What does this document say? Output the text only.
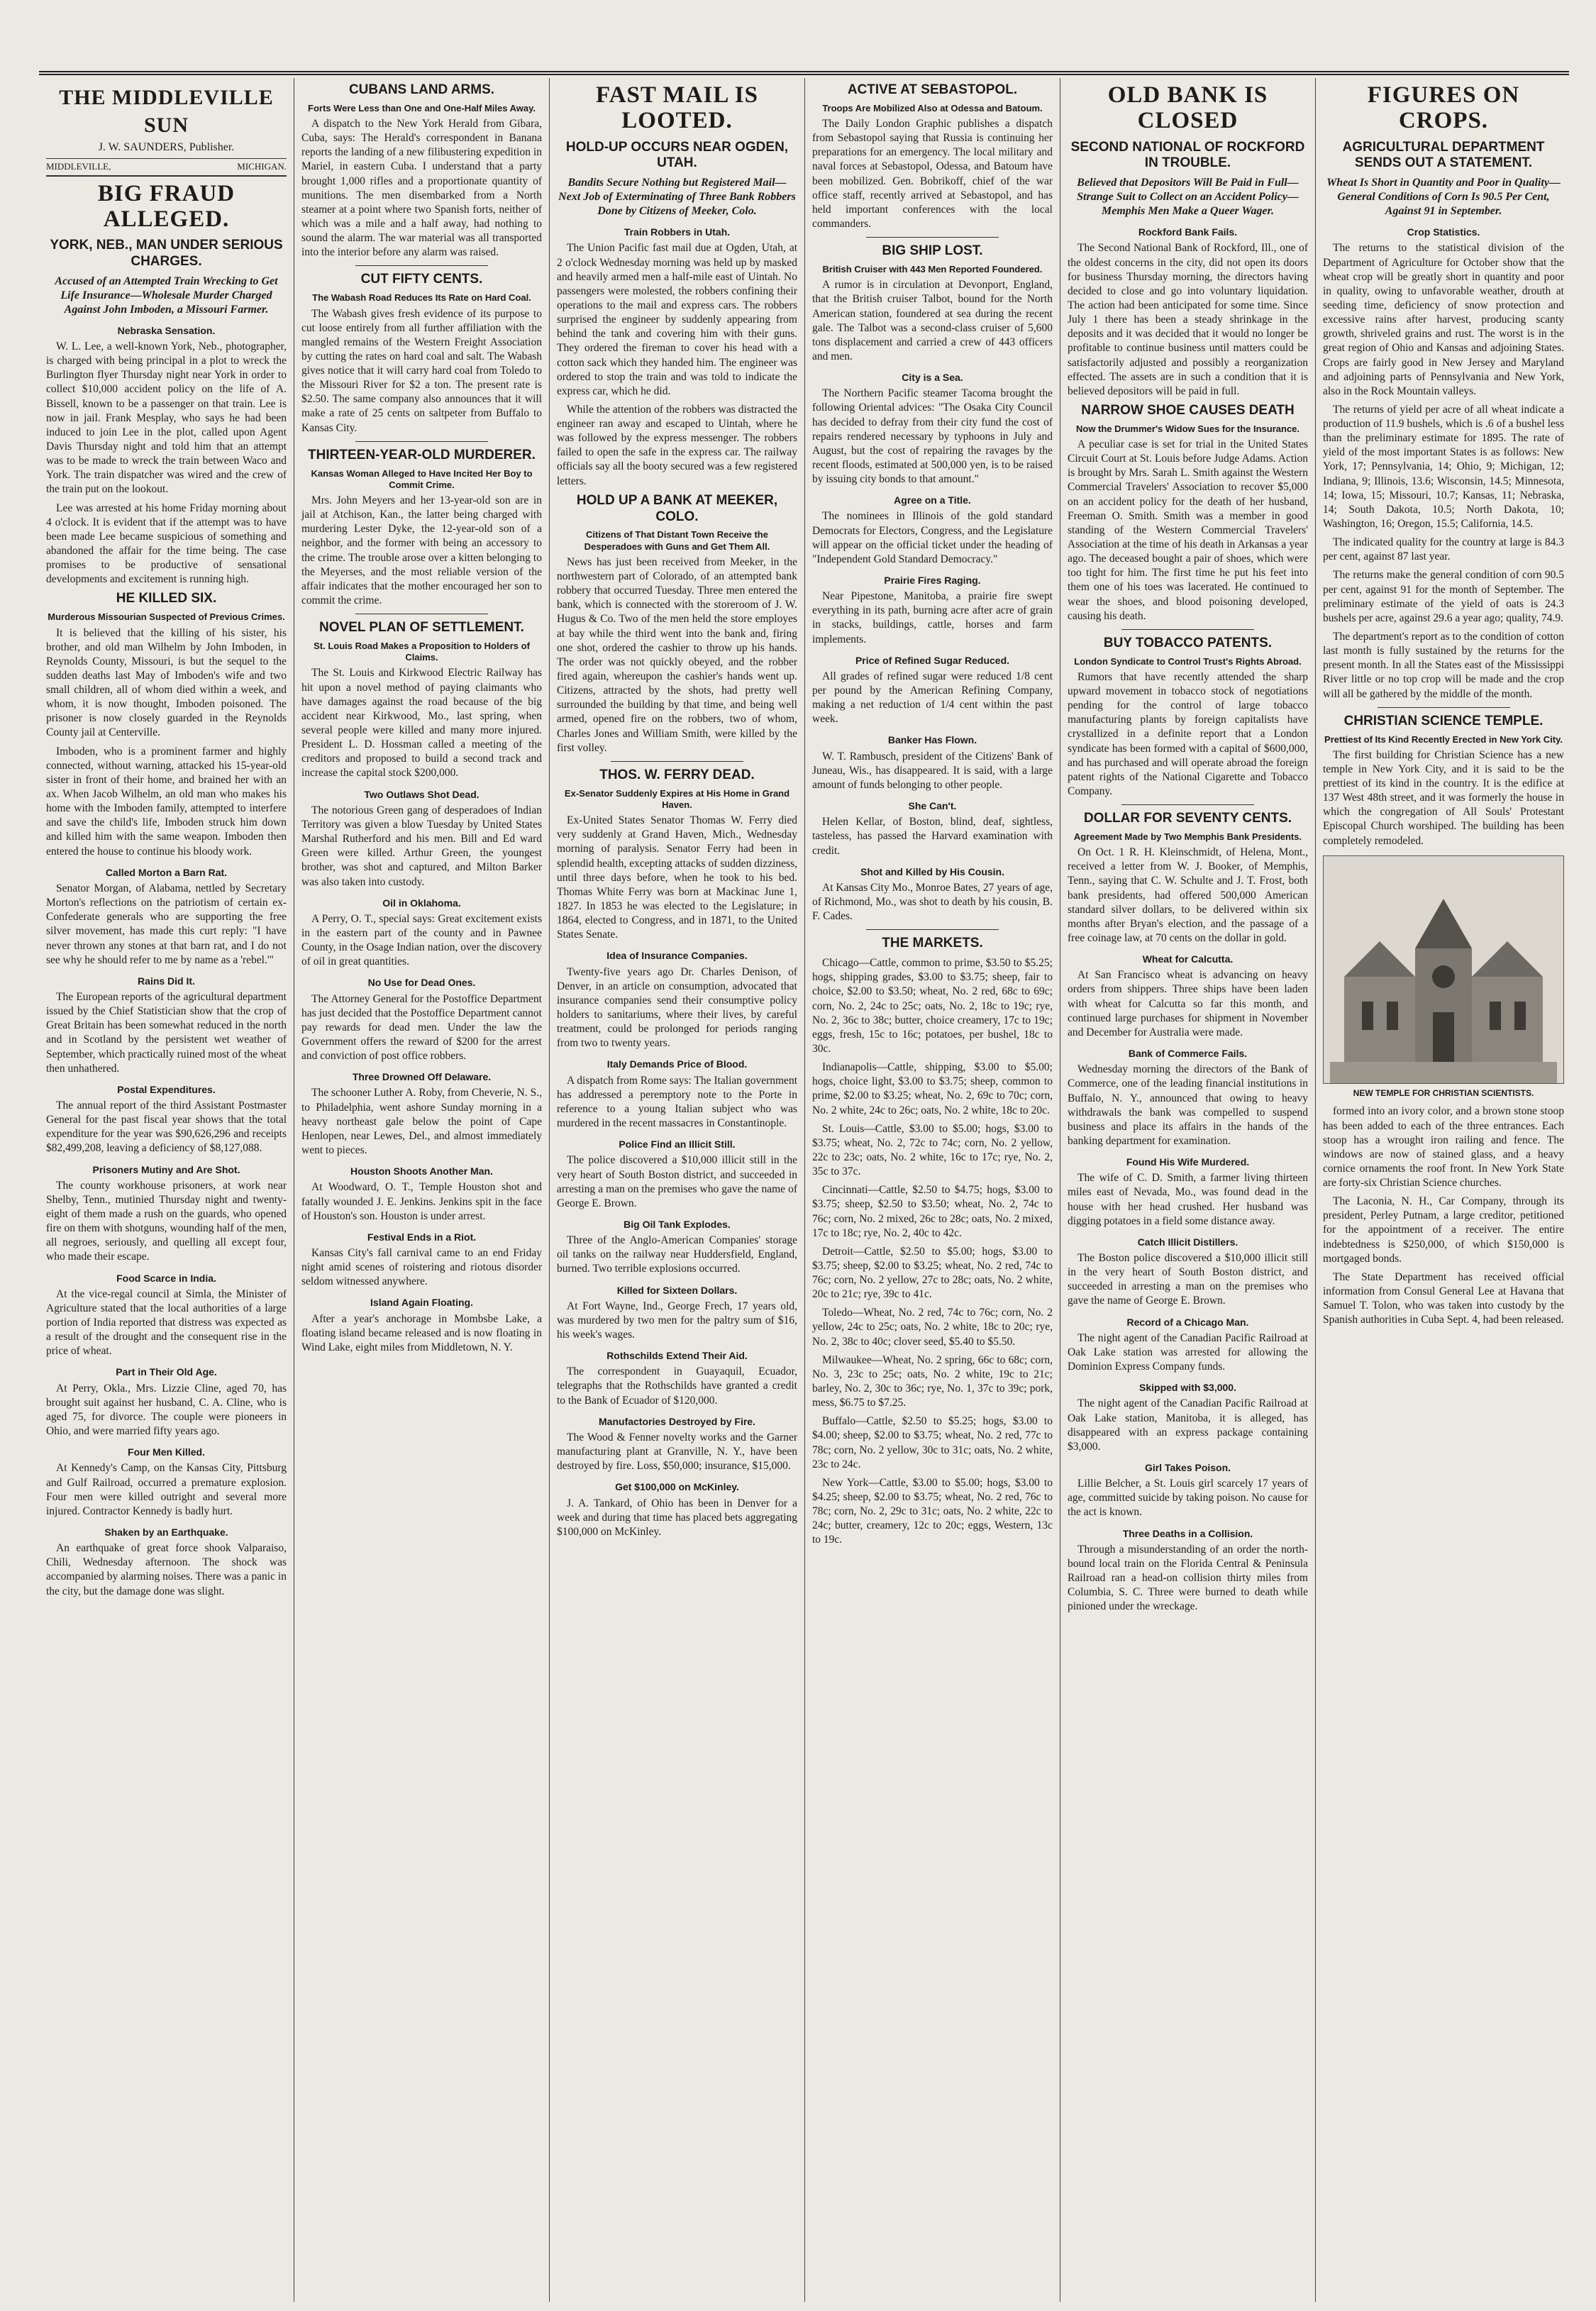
THE MIDDLEVILLE SUN
J. W. SAUNDERS, Publisher.
MIDDLEVILLE,	MICHIGAN.
BIG FRAUD ALLEGED.
YORK, NEB., MAN UNDER SERIOUS CHARGES.
Accused of an Attempted Train Wrecking to Get Life Insurance—Wholesale Murder Charged Against John Imboden, a Missouri Farmer.
Nebraska Sensation.

W. L. Lee, a well-known York, Neb., photographer, is charged with being principal in a plot to wreck the Burlington flyer Thursday night near York in order to collect $10,000 accident policy on the life of A. Bissell, known to be a passenger on that train. Lee is now in jail. Frank Mesplay, who says he had been induced to join Lee in the plot, called upon Agent Davis Thursday night and told him that an attempt was to be made to wreck the train between Waco and York. The train dispatcher was wired and the crew of the train put on the lookout.

Lee was arrested at his home Friday morning about 4 o'clock. It is evident that if the attempt was to have been made Lee became suspicious of something and abandoned the affair for the time being. The case promises to be productive of sensational developments and excitement is running high.

HE KILLED SIX.
Murderous Missourian Suspected of Previous Crimes.

It is believed that the killing of his sister, his brother, and old man Wilhelm by John Imboden, in Reynolds County, Missouri, is but the sequel to the sudden deaths last May of Imboden's wife and two small children, all of whom died within a week, and whom, it is now thought, Imboden poisoned. The prisoner is now closely guarded in the Reynolds County jail at Centerville.

Imboden, who is a prominent farmer and highly connected, without warning, attacked his 15-year-old sister in front of their home, and brained her with an ax. When Jacob Wilhelm, an old man who makes his home with the Imboden family, attempted to interfere and save the child's life, Imboden struck him down and killed him with the same weapon. Imboden then entered the house to continue his bloody work.

Called Morton a Barn Rat.

Senator Morgan, of Alabama, nettled by Secretary Morton's reflections on the patriotism of certain ex-Confederate generals who are supporting the free silver movement, has made this curt reply: "I have never thrown any stones at that barn rat, and I do not see why he should refer to me by name as a 'rebel.'"

Rains Did It.

The European reports of the agricultural department issued by the Chief Statistician show that the crop of Great Britain has been somewhat reduced in the north and in Scotland by the persistent wet weather of September, which practically ruined most of the wheat then unhathered.

Postal Expenditures.

The annual report of the third Assistant Postmaster General for the past fiscal year shows that the total expenditure for the year was $90,626,296 and receipts $82,499,208, leaving a deficiency of $8,127,088.

Prisoners Mutiny and Are Shot.

The county workhouse prisoners, at work near Shelby, Tenn., mutinied Thursday night and twenty-eight of them made a rush on the guards, who opened fire on them with shotguns, wounding half of the men, all negroes, seriously, and quelling all except four, who made their escape.

Food Scarce in India.

At the vice-regal council at Simla, the Minister of Agriculture stated that the local authorities of a large portion of India reported that distress was expected as a result of the drought and the consequent rise in the price of wheat.

Part in Their Old Age.

At Perry, Okla., Mrs. Lizzie Cline, aged 70, has brought suit against her husband, C. A. Cline, who is aged 75, for divorce. The couple were pioneers in Ohio, and were married fifty years ago.

Four Men Killed.

At Kennedy's Camp, on the Kansas City, Pittsburg and Gulf Railroad, occurred a premature explosion. Four men were killed outright and several more injured. Contractor Kennedy is badly hurt.

Shaken by an Earthquake.

An earthquake of great force shook Valparaiso, Chili, Wednesday afternoon. The shock was accompanied by alarming noises. There was a panic in the city, but the damage done was slight.

CUBANS LAND ARMS.
Forts Were Less than One and One-Half Miles Away.

A dispatch to the New York Herald from Gibara, Cuba, says: The Herald's correspondent in Banana reports the landing of a new filibustering expedition in Mariel, in eastern Cuba. I understand that a party brought 1,000 rifles and a proportionate quantity of munitions. The men disembarked from a North steamer at a point where two Spanish forts, neither of which was a mile and a half away, had nothing to sound the alarm. The war material was all transported into the interior before any alarm was raised.

CUT FIFTY CENTS.
The Wabash Road Reduces Its Rate on Hard Coal.

The Wabash gives fresh evidence of its purpose to cut loose entirely from all further affiliation with the mangled remains of the Western Freight Association by cutting the rates on hard coal and salt. The Wabash gives notice that it will carry hard coal from Toledo to the Missouri River for $2 a ton. The present rate is $2.50. The same company also announces that it will make a rate of 25 cents on saltpeter from Buffalo to Kansas City.

THIRTEEN-YEAR-OLD MURDERER.
Kansas Woman Alleged to Have Incited Her Boy to Commit Crime.

Mrs. John Meyers and her 13-year-old son are in jail at Atchison, Kan., the latter being charged with murdering Lester Dyke, the 12-year-old son of a neighbor, and the former with being an accessory to the crime. The trouble arose over a kitten belonging to the Meyerses, and the most reliable version of the affair indicates that the mother encouraged her son to commit the crime.

NOVEL PLAN OF SETTLEMENT.
St. Louis Road Makes a Proposition to Holders of Claims.

The St. Louis and Kirkwood Electric Railway has hit upon a novel method of paying claimants who have damages against the road because of the big accident near Kirkwood, Mo., last spring, when several people were killed and many more injured. President L. D. Hossman called a meeting of the creditors and proposed to build a second track and increase the capital stock $200,000.

Two Outlaws Shot Dead.

The notorious Green gang of desperadoes of Indian Territory was given a blow Tuesday by United States Marshal Rutherford and his men. Bill and Ed ward Green were killed. Arthur Green, the youngest brother, was shot and captured, and Milton Barker was also taken into custody.

Oil in Oklahoma.

A Perry, O. T., special says: Great excitement exists in the eastern part of the county and in Pawnee County, in the Osage Indian nation, over the discovery of oil in great quantities.

No Use for Dead Ones.

The Attorney General for the Postoffice Department has just decided that the Postoffice Department cannot pay rewards for dead men. Under the law the Government offers the reward of $200 for the arrest and conviction of post office robbers.

Three Drowned Off Delaware.

The schooner Luther A. Roby, from Cheverie, N. S., to Philadelphia, went ashore Sunday morning in a heavy northeast gale below the point of Cape Henlopen, near Lewes, Del., and almost immediately went to pieces.

Houston Shoots Another Man.

At Woodward, O. T., Temple Houston shot and fatally wounded J. E. Jenkins. Jenkins spit in the face of Houston's son. Houston is under arrest.

Festival Ends in a Riot.

Kansas City's fall carnival came to an end Friday night amid scenes of roistering and riotous disorder seldom witnessed anywhere.

Island Again Floating.

After a year's anchorage in Mombsbe Lake, a floating island became released and is now floating in Wind Lake, eight miles from Middletown, N. Y.

FAST MAIL IS LOOTED.
HOLD-UP OCCURS NEAR OGDEN, UTAH.
Bandits Secure Nothing but Registered Mail—Next Job of Exterminating of Three Bank Robbers Done by Citizens of Meeker, Colo.
Train Robbers in Utah.

The Union Pacific fast mail due at Ogden, Utah, at 2 o'clock Wednesday morning was held up by masked and heavily armed men a half-mile east of Uintah. No passengers were molested, the robbers confining their operations to the mail and express cars. The robbers surprised the engineer by suddenly appearing from behind the tank and covering him with their guns. They ordered the fireman to cover his head with a cotton sack which they handed him. The engineer was ordered to stop the train and was told to indicate the express car, which he did.

While the attention of the robbers was distracted the engineer ran away and escaped to Uintah, where he was followed by the express messenger. The robbers failed to open the safe in the express car. The railway officials say all the booty secured was a few registered letters.

HOLD UP A BANK AT MEEKER, COLO.
Citizens of That Distant Town Receive the Desperadoes with Guns and Get Them All.

News has just been received from Meeker, in the northwestern part of Colorado, of an attempted bank robbery that occurred Tuesday. Three men entered the bank, which is connected with the storeroom of J. W. Hugus & Co. Two of the men held the store employes at bay while the third went into the bank and, firing one shot, ordered the cashier to throw up his hands. The order was not quickly obeyed, and the robber fired again, whereupon the cashier's hands went up. Citizens, attracted by the shots, had pretty well surrounded the building by that time, and being well armed, opened fire on the robbers, two of whom, Charles Jones and William Smith, were killed by the first volley.

THOS. W. FERRY DEAD.
Ex-Senator Suddenly Expires at His Home in Grand Haven.

Ex-United States Senator Thomas W. Ferry died very suddenly at Grand Haven, Mich., Wednesday morning of paralysis. Senator Ferry had been in splendid health, excepting attacks of sudden dizziness, until three days before, when he took to his bed. Thomas White Ferry was born at Mackinac June 1, 1827. In 1853 he was elected to the Legislature; in 1864, elected to Congress, and in 1871, to the United States Senate.

Idea of Insurance Companies.

Twenty-five years ago Dr. Charles Denison, of Denver, in an article on consumption, advocated that insurance companies send their consumptive policy holders to sanitariums, where their lives, by careful treatment, could be prolonged for periods ranging from two to twenty years.

Italy Demands Price of Blood.

A dispatch from Rome says: The Italian government has addressed a peremptory note to the Porte in reference to a young Italian subject who was murdered in the recent massacres in Constantinople.

Police Find an Illicit Still.

The police discovered a $10,000 illicit still in the very heart of South Boston district, and succeeded in arresting a man on the premises who gave the name of George E. Brown.

Big Oil Tank Explodes.

Three of the Anglo-American Companies' storage oil tanks on the railway near Huddersfield, England, burned. Two terrible explosions occurred.

Killed for Sixteen Dollars.

At Fort Wayne, Ind., George Frech, 17 years old, was murdered by two men for the paltry sum of $16, his week's wages.

Rothschilds Extend Their Aid.

The correspondent in Guayaquil, Ecuador, telegraphs that the Rothschilds have granted a credit to the Bank of Ecuador of $120,000.

Manufactories Destroyed by Fire.

The Wood & Fenner novelty works and the Garner manufacturing plant at Granville, N. Y., have been destroyed by fire. Loss, $50,000; insurance, $15,000.

Get $100,000 on McKinley.

J. A. Tankard, of Ohio has been in Denver for a week and during that time has placed bets aggregating $100,000 on McKinley.

ACTIVE AT SEBASTOPOL.
Troops Are Mobilized Also at Odessa and Batoum.

The Daily London Graphic publishes a dispatch from Sebastopol saying that Russia is continuing her preparations for an emergency. The local military and naval forces at Sebastopol, Odessa, and Batoum have been mobilized. Gen. Bobrikoff, chief of the war office staff, recently arrived at Sebastopol, and has held important conferences with the local commanders.

BIG SHIP LOST.
British Cruiser with 443 Men Reported Foundered.

A rumor is in circulation at Devonport, England, that the British cruiser Talbot, bound for the North American station, foundered at sea during the recent gale. The Talbot was a second-class cruiser of 5,600 tons displacement and carried a crew of 443 officers and men.

City is a Sea.

The Northern Pacific steamer Tacoma brought the following Oriental advices: "The Osaka City Council has decided to defray from their city fund the cost of repairs rendered necessary by typhoons in July and August, but the cost of repairing the ravages by the recent floods, estimated at 500,000 yen, is to be raised by issuing city bonds to that amount."

Agree on a Title.

The nominees in Illinois of the gold standard Democrats for Electors, Congress, and the Legislature will appear on the official ticket under the heading of "Independent Gold Standard Democracy."

Prairie Fires Raging.

Near Pipestone, Manitoba, a prairie fire swept everything in its path, burning acre after acre of grain in stacks, buildings, cattle, horses and farm implements.

Price of Refined Sugar Reduced.

All grades of refined sugar were reduced 1/8 cent per pound by the American Refining Company, making a net reduction of 1/4 cent within the past week.

Banker Has Flown.

W. T. Rambusch, president of the Citizens' Bank of Juneau, Wis., has disappeared. It is said, with a large amount of funds belonging to other people.

She Can't.

Helen Kellar, of Boston, blind, deaf, sightless, tasteless, has passed the Harvard examination with credit.

Shot and Killed by His Cousin.

At Kansas City Mo., Monroe Bates, 27 years of age, of Richmond, Mo., was shot to death by his cousin, B. F. Cades.

THE MARKETS.

Chicago—Cattle, common to prime, $3.50 to $5.25; hogs, shipping grades, $3.00 to $3.75; sheep, fair to choice, $2.00 to $3.50; wheat, No. 2 red, 68c to 69c; corn, No. 2, 24c to 25c; oats, No. 2, 18c to 19c; rye, No. 2, 36c to 38c; butter, choice creamery, 17c to 19c; eggs, fresh, 15c to 16c; potatoes, per bushel, 18c to 30c.

Indianapolis—Cattle, shipping, $3.00 to $5.00; hogs, choice light, $3.00 to $3.75; sheep, common to prime, $2.00 to $3.25; wheat, No. 2, 69c to 70c; corn, No. 2 white, 24c to 26c; oats, No. 2 white, 18c to 20c.

St. Louis—Cattle, $3.00 to $5.00; hogs, $3.00 to $3.75; wheat, No. 2, 72c to 74c; corn, No. 2 yellow, 22c to 23c; oats, No. 2 white, 16c to 17c; rye, No. 2, 35c to 37c.

Cincinnati—Cattle, $2.50 to $4.75; hogs, $3.00 to $3.75; sheep, $2.50 to $3.50; wheat, No. 2, 74c to 76c; corn, No. 2 mixed, 26c to 28c; oats, No. 2 mixed, 17c to 18c; rye, No. 2, 40c to 42c.

Detroit—Cattle, $2.50 to $5.00; hogs, $3.00 to $3.75; sheep, $2.00 to $3.25; wheat, No. 2 red, 74c to 76c; corn, No. 2 yellow, 27c to 28c; oats, No. 2 white, 20c to 21c; rye, 39c to 41c.

Toledo—Wheat, No. 2 red, 74c to 76c; corn, No. 2 yellow, 24c to 25c; oats, No. 2 white, 18c to 20c; rye, No. 2, 38c to 40c; clover seed, $5.40 to $5.50.

Milwaukee—Wheat, No. 2 spring, 66c to 68c; corn, No. 3, 23c to 25c; oats, No. 2 white, 19c to 21c; barley, No. 2, 30c to 36c; rye, No. 1, 37c to 39c; pork, mess, $6.75 to $7.25.

Buffalo—Cattle, $2.50 to $5.25; hogs, $3.00 to $4.00; sheep, $2.00 to $3.75; wheat, No. 2 red, 77c to 78c; corn, No. 2 yellow, 30c to 31c; oats, No. 2 white, 23c to 24c.

New York—Cattle, $3.00 to $5.00; hogs, $3.00 to $4.25; sheep, $2.00 to $3.75; wheat, No. 2 red, 76c to 78c; corn, No. 2, 29c to 31c; oats, No. 2 white, 22c to 24c; butter, creamery, 12c to 20c; eggs, Western, 13c to 19c.

OLD BANK IS CLOSED
SECOND NATIONAL OF ROCKFORD IN TROUBLE.
Believed that Depositors Will Be Paid in Full—Strange Suit to Collect on an Accident Policy—Memphis Men Make a Queer Wager.
Rockford Bank Fails.

The Second National Bank of Rockford, Ill., one of the oldest concerns in the city, did not open its doors for business Thursday morning, the directors having decided to close and go into voluntary liquidation. The action had been anticipated for some time. Since July 1 there has been a steady shrinkage in the deposits and it was decided that it would no longer be profitable to continue business until matters could be satisfactorily adjusted and possibly a reorganization effected. The assets are in such a condition that it is believed depositors will be paid in full.

NARROW SHOE CAUSES DEATH
Now the Drummer's Widow Sues for the Insurance.

A peculiar case is set for trial in the United States Circuit Court at St. Louis before Judge Adams. Action is brought by Mrs. Sarah L. Smith against the Western Commercial Travelers' Association to recover $5,000 on an accident policy for the death of her husband, Freeman O. Smith. Smith was a member in good standing of the Western Commercial Travelers' Association at the time of his death in Arkansas a year ago. The deceased bought a pair of shoes, which were too tight for him. The first time he put his feet into them one of his toes was lacerated. He continued to wear the shoes, and blood poisoning developed, causing his death.

BUY TOBACCO PATENTS.
London Syndicate to Control Trust's Rights Abroad.

Rumors that have recently attended the sharp upward movement in tobacco stock of negotiations pending for the control of large tobacco manufacturing plants by foreign capitalists have crystallized in a definite report that a London syndicate has been formed with a capital of $600,000, and has purchased and will operate abroad the foreign patent rights of the National Cigarette and Tobacco Company.

DOLLAR FOR SEVENTY CENTS.
Agreement Made by Two Memphis Bank Presidents.

On Oct. 1 R. H. Kleinschmidt, of Helena, Mont., received a letter from W. J. Booker, of Memphis, Tenn., saying that C. W. Schulte and J. T. Frost, both bank presidents, had offered 500,000 American standard silver dollars, to be delivered within six months after Bryan's election, and the passage of a free coinage law, at 70 cents on the dollar in gold.

Wheat for Calcutta.

At San Francisco wheat is advancing on heavy orders from shippers. Three ships have been laden with wheat for Calcutta so far this month, and continued large purchases for shipment in November and December for Australia were made.

Bank of Commerce Fails.

Wednesday morning the directors of the Bank of Commerce, one of the leading financial institutions in Buffalo, N. Y., announced that owing to heavy withdrawals the bank was compelled to suspend business and place its affairs in the hands of the banking department for examination.

Found His Wife Murdered.

The wife of C. D. Smith, a farmer living thirteen miles east of Nevada, Mo., was found dead in the house with her head crushed. Her husband was digging potatoes in a field some distance away.

Catch Illicit Distillers.

The Boston police discovered a $10,000 illicit still in the very heart of South Boston district, and succeeded in arresting a man on the premises who gave the name of George E. Brown.

Record of a Chicago Man.

The night agent of the Canadian Pacific Railroad at Oak Lake station was arrested for allowing the Dominion Express Company funds.

Skipped with $3,000.

The night agent of the Canadian Pacific Railroad at Oak Lake station, Manitoba, it is alleged, has disappeared with an express package containing $3,000.

Girl Takes Poison.

Lillie Belcher, a St. Louis girl scarcely 17 years of age, committed suicide by taking poison. No cause for the act is known.

Three Deaths in a Collision.

Through a misunderstanding of an order the north-bound local train on the Florida Central & Peninsula Railroad ran a head-on collision thirty miles from Columbia, S. C. Three were burned to death while pinioned under the wreckage.

FIGURES ON CROPS.
AGRICULTURAL DEPARTMENT SENDS OUT A STATEMENT.
Wheat Is Short in Quantity and Poor in Quality—General Conditions of Corn Is 90.5 Per Cent, Against 91 in September.
Crop Statistics.

The returns to the statistical division of the Department of Agriculture for October show that the wheat crop will be greatly short in quantity and poor in quality, owing to unfavorable weather, drouth at seeding time, deficiency of snow protection and excessive rains after harvest, producing scanty growth, shriveled grains and rust. The worst is in the great region of Ohio and Kansas and adjoining States. Crops are fairly good in New Jersey and Maryland and adjoining parts of Pennsylvania and New York, also in the Rock Mountain valleys.

The returns of yield per acre of all wheat indicate a production of 11.9 bushels, which is .6 of a bushel less than the preliminary estimate for 1895. The rate of yield of the most important States is as follows: New York, 17; Pennsylvania, 14; Ohio, 9; Michigan, 12; Indiana, 9; Illinois, 13.6; Wisconsin, 14.5; Minnesota, 14; Iowa, 15; Missouri, 10.7; Kansas, 11; Nebraska, 14; South Dakota, 10.5; North Dakota, 10; Washington, 16; Oregon, 15.5; California, 14.5.

The indicated quality for the country at large is 84.3 per cent, against 87 last year.

The returns make the general condition of corn 90.5 per cent, against 91 for the month of September. The preliminary estimate of the yield of oats is 24.3 bushels per acre, against 29.6 a year ago; quality, 74.9.

The department's report as to the condition of cotton last month is fully sustained by the returns for the present month. In all the States east of the Mississippi River little or no top crop will be made and the crop will all be gathered by the middle of the month.

CHRISTIAN SCIENCE TEMPLE.
Prettiest of Its Kind Recently Erected in New York City.

The first building for Christian Science has a new temple in New York City, and it is said to be the prettiest of its kind in the country. It is the edifice at 137 West 48th street, and it was formerly the house in which the congregation of All Souls' Protestant Episcopal Church worshiped. The building has been completely remodeled.

NEW TEMPLE FOR CHRISTIAN SCIENTISTS.

formed into an ivory color, and a brown stone stoop has been added to each of the three entrances. Each stoop has a wrought iron railing and fence. The windows are now of stained glass, and a heavy cornice ornaments the roof front. In New York State are forty-six Christian Science churches.

The Laconia, N. H., Car Company, through its president, Perley Putnam, a large creditor, petitioned for the appointment of a receiver. The entire indebtedness is $250,000, of which $150,000 is mortgaged bonds.

The State Department has received official information from Consul General Lee at Havana that Samuel T. Tolon, who was taken into custody by the Spanish authorities in Cuba Sept. 4, had been released.
